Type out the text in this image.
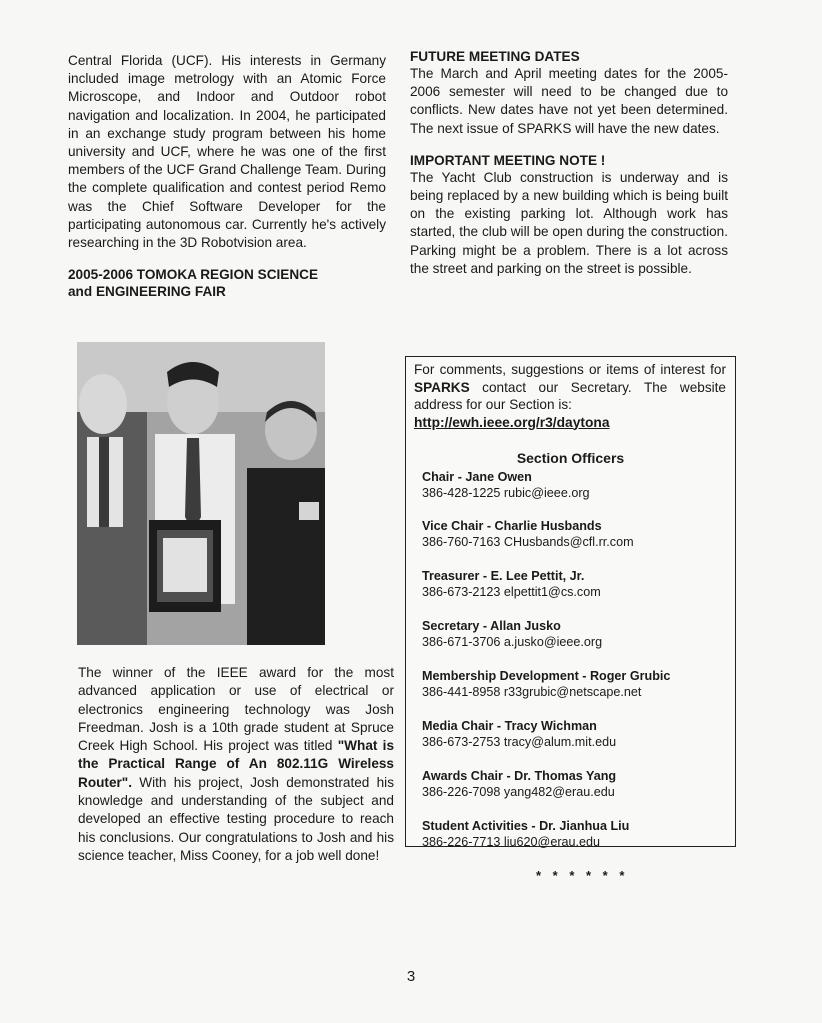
Central Florida (UCF). His interests in Germany included image metrology with an Atomic Force Microscope, and Indoor and Outdoor robot navigation and localization. In 2004, he participated in an exchange study program between his home university and UCF, where he was one of the first members of the UCF Grand Challenge Team. During the complete qualification and contest period Remo was the Chief Software Developer for the participating autonomous car. Currently he's actively researching in the 3D Robotvision area.

2005-2006 TOMOKA REGION SCIENCE

and ENGINEERING FAIR

The winner of the IEEE award for the most advanced application or use of electrical or electronics engineering technology was Josh Freedman. Josh is a 10th grade student at Spruce Creek High School. His project was titled "What is the Practical Range of An 802.11G Wireless Router". With his project, Josh demonstrated his knowledge and understanding of the subject and developed an effective testing procedure to reach his conclusions. Our congratulations to Josh and his science teacher, Miss Cooney, for a job well done!

FUTURE MEETING DATES

The March and April meeting dates for the 2005-2006 semester will need to be changed due to conflicts. New dates have not yet been determined. The next issue of SPARKS will have the new dates.

IMPORTANT MEETING NOTE !

The Yacht Club construction is underway and is being replaced by a new building which is being built on the existing parking lot. Although work has started, the club will be open during the construction. Parking might be a problem. There is a lot across the street and parking on the street is possible.

For comments, suggestions or items of interest for SPARKS contact our Secretary. The website address for our Section is:
http://ewh.ieee.org/r3/daytona
Section Officers
Chair - Jane Owen
386-428-1225 rubic@ieee.org
Vice Chair - Charlie Husbands
386-760-7163 CHusbands@cfl.rr.com
Treasurer - E. Lee Pettit, Jr.
386-673-2123 elpettit1@cs.com
Secretary - Allan Jusko
386-671-3706 a.jusko@ieee.org
Membership Development - Roger Grubic
386-441-8958 r33grubic@netscape.net
Media Chair - Tracy Wichman
386-673-2753 tracy@alum.mit.edu
Awards Chair - Dr. Thomas Yang
386-226-7098 yang482@erau.edu
Student Activities - Dr. Jianhua Liu
386-226-7713 liu620@erau.edu
* * * * * *
3
